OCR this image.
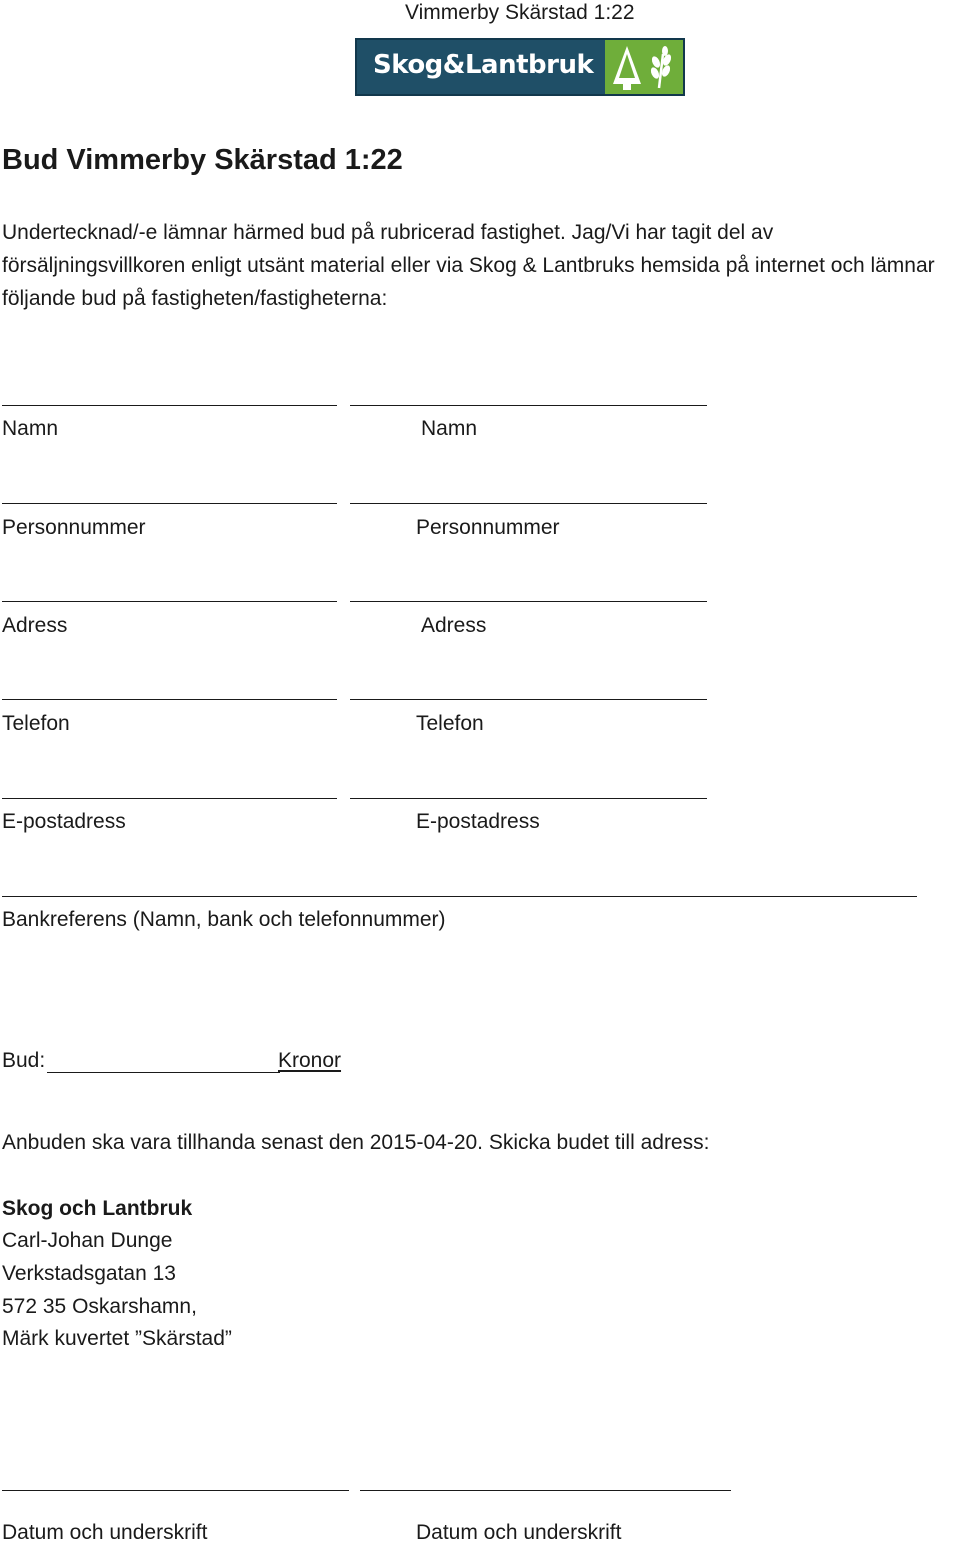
Vimmerby Skärstad 1:22
Skog&Lantbruk
Bud Vimmerby Skärstad 1:22
Undertecknad/-e lämnar härmed bud på rubricerad fastighet. Jag/Vi har tagit del av försäljningsvillkoren enligt utsänt material eller via Skog & Lantbruks hemsida på internet och lämnar följande bud på fastigheten/fastigheterna:
Namn	Namn
Personnummer	Personnummer
Adress	Adress
Telefon	Telefon
E-postadress	E-postadress
Bankreferens (Namn, bank och telefonnummer)
Bud:	Kronor
Anbuden ska vara tillhanda senast den 2015-04-20. Skicka budet till adress:
Skog och Lantbruk
Carl-Johan Dunge
Verkstadsgatan 13
572 35 Oskarshamn,
Märk kuvertet ”Skärstad”
Datum och underskrift	Datum och underskrift
